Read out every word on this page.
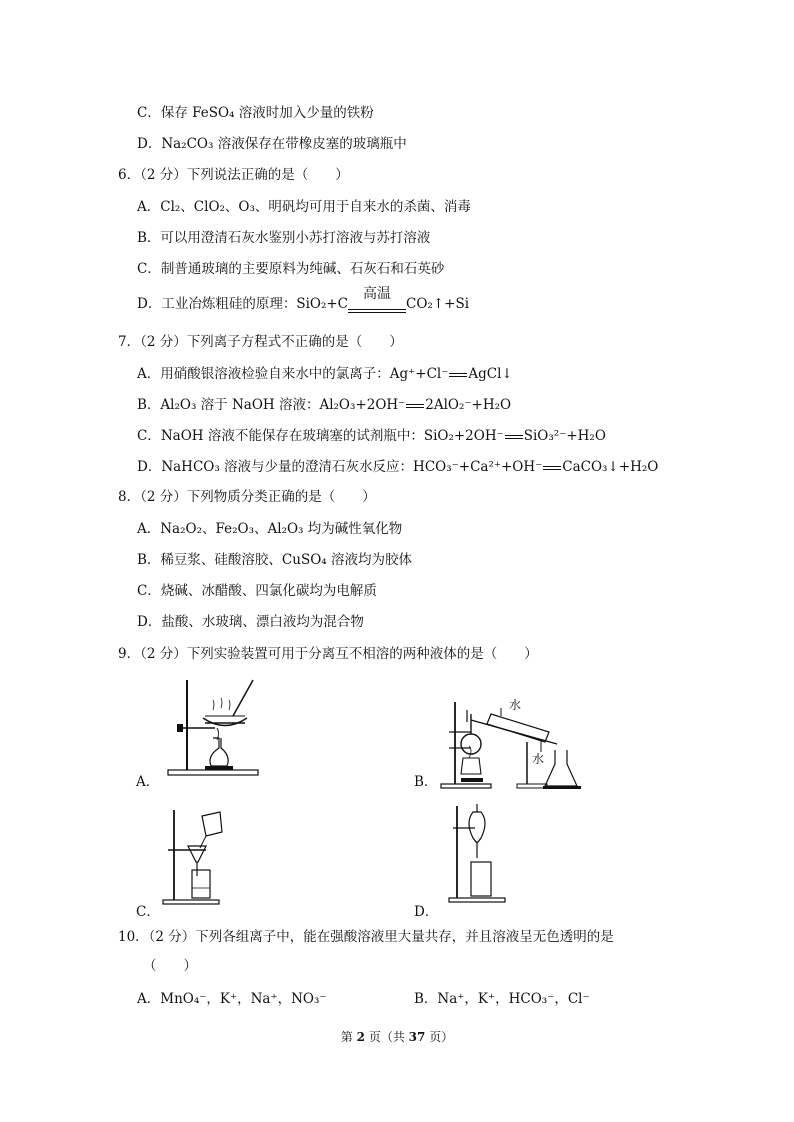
C．保存 FeSO₄ 溶液时加入少量的铁粉
D．Na₂CO₃ 溶液保存在带橡皮塞的玻璃瓶中
6．（2 分）下列说法正确的是（　　）
A．Cl₂、ClO₂、O₃、明矾均可用于自来水的杀菌、消毒
B．可以用澄清石灰水鉴别小苏打溶液与苏打溶液
C．制普通玻璃的主要原料为纯碱、石灰石和石英砂
D．工业冶炼粗硅的原理：SiO₂+C
高温
CO₂↑+Si
7．（2 分）下列离子方程式不正确的是（　　）
A．用硝酸银溶液检验自来水中的氯离子：Ag⁺+Cl⁻ AgCl↓
B．Al₂O₃ 溶于 NaOH 溶液：Al₂O₃+2OH⁻ 2AlO₂⁻+H₂O
C．NaOH 溶液不能保存在玻璃塞的试剂瓶中：SiO₂+2OH⁻ SiO₃²⁻+H₂O
D．NaHCO₃ 溶液与少量的澄清石灰水反应：HCO₃⁻+Ca²⁺+OH⁻ CaCO₃↓+H₂O
8．（2 分）下列物质分类正确的是（　　）
A．Na₂O₂、Fe₂O₃、Al₂O₃ 均为碱性氧化物
B．稀豆浆、硅酸溶胶、CuSO₄ 溶液均为胶体
C．烧碱、冰醋酸、四氯化碳均为电解质
D．盐酸、水玻璃、漂白液均为混合物
9．（2 分）下列实验装置可用于分离互不相溶的两种液体的是（　　）
A．
水
水
B．
C．	D．
10．（2 分）下列各组离子中，能在强酸溶液里大量共存，并且溶液呈无色透明的是
（　　）
A．MnO₄⁻，K⁺，Na⁺，NO₃⁻	B．Na⁺，K⁺，HCO₃⁻，Cl⁻
第 2 页（共 37 页）
